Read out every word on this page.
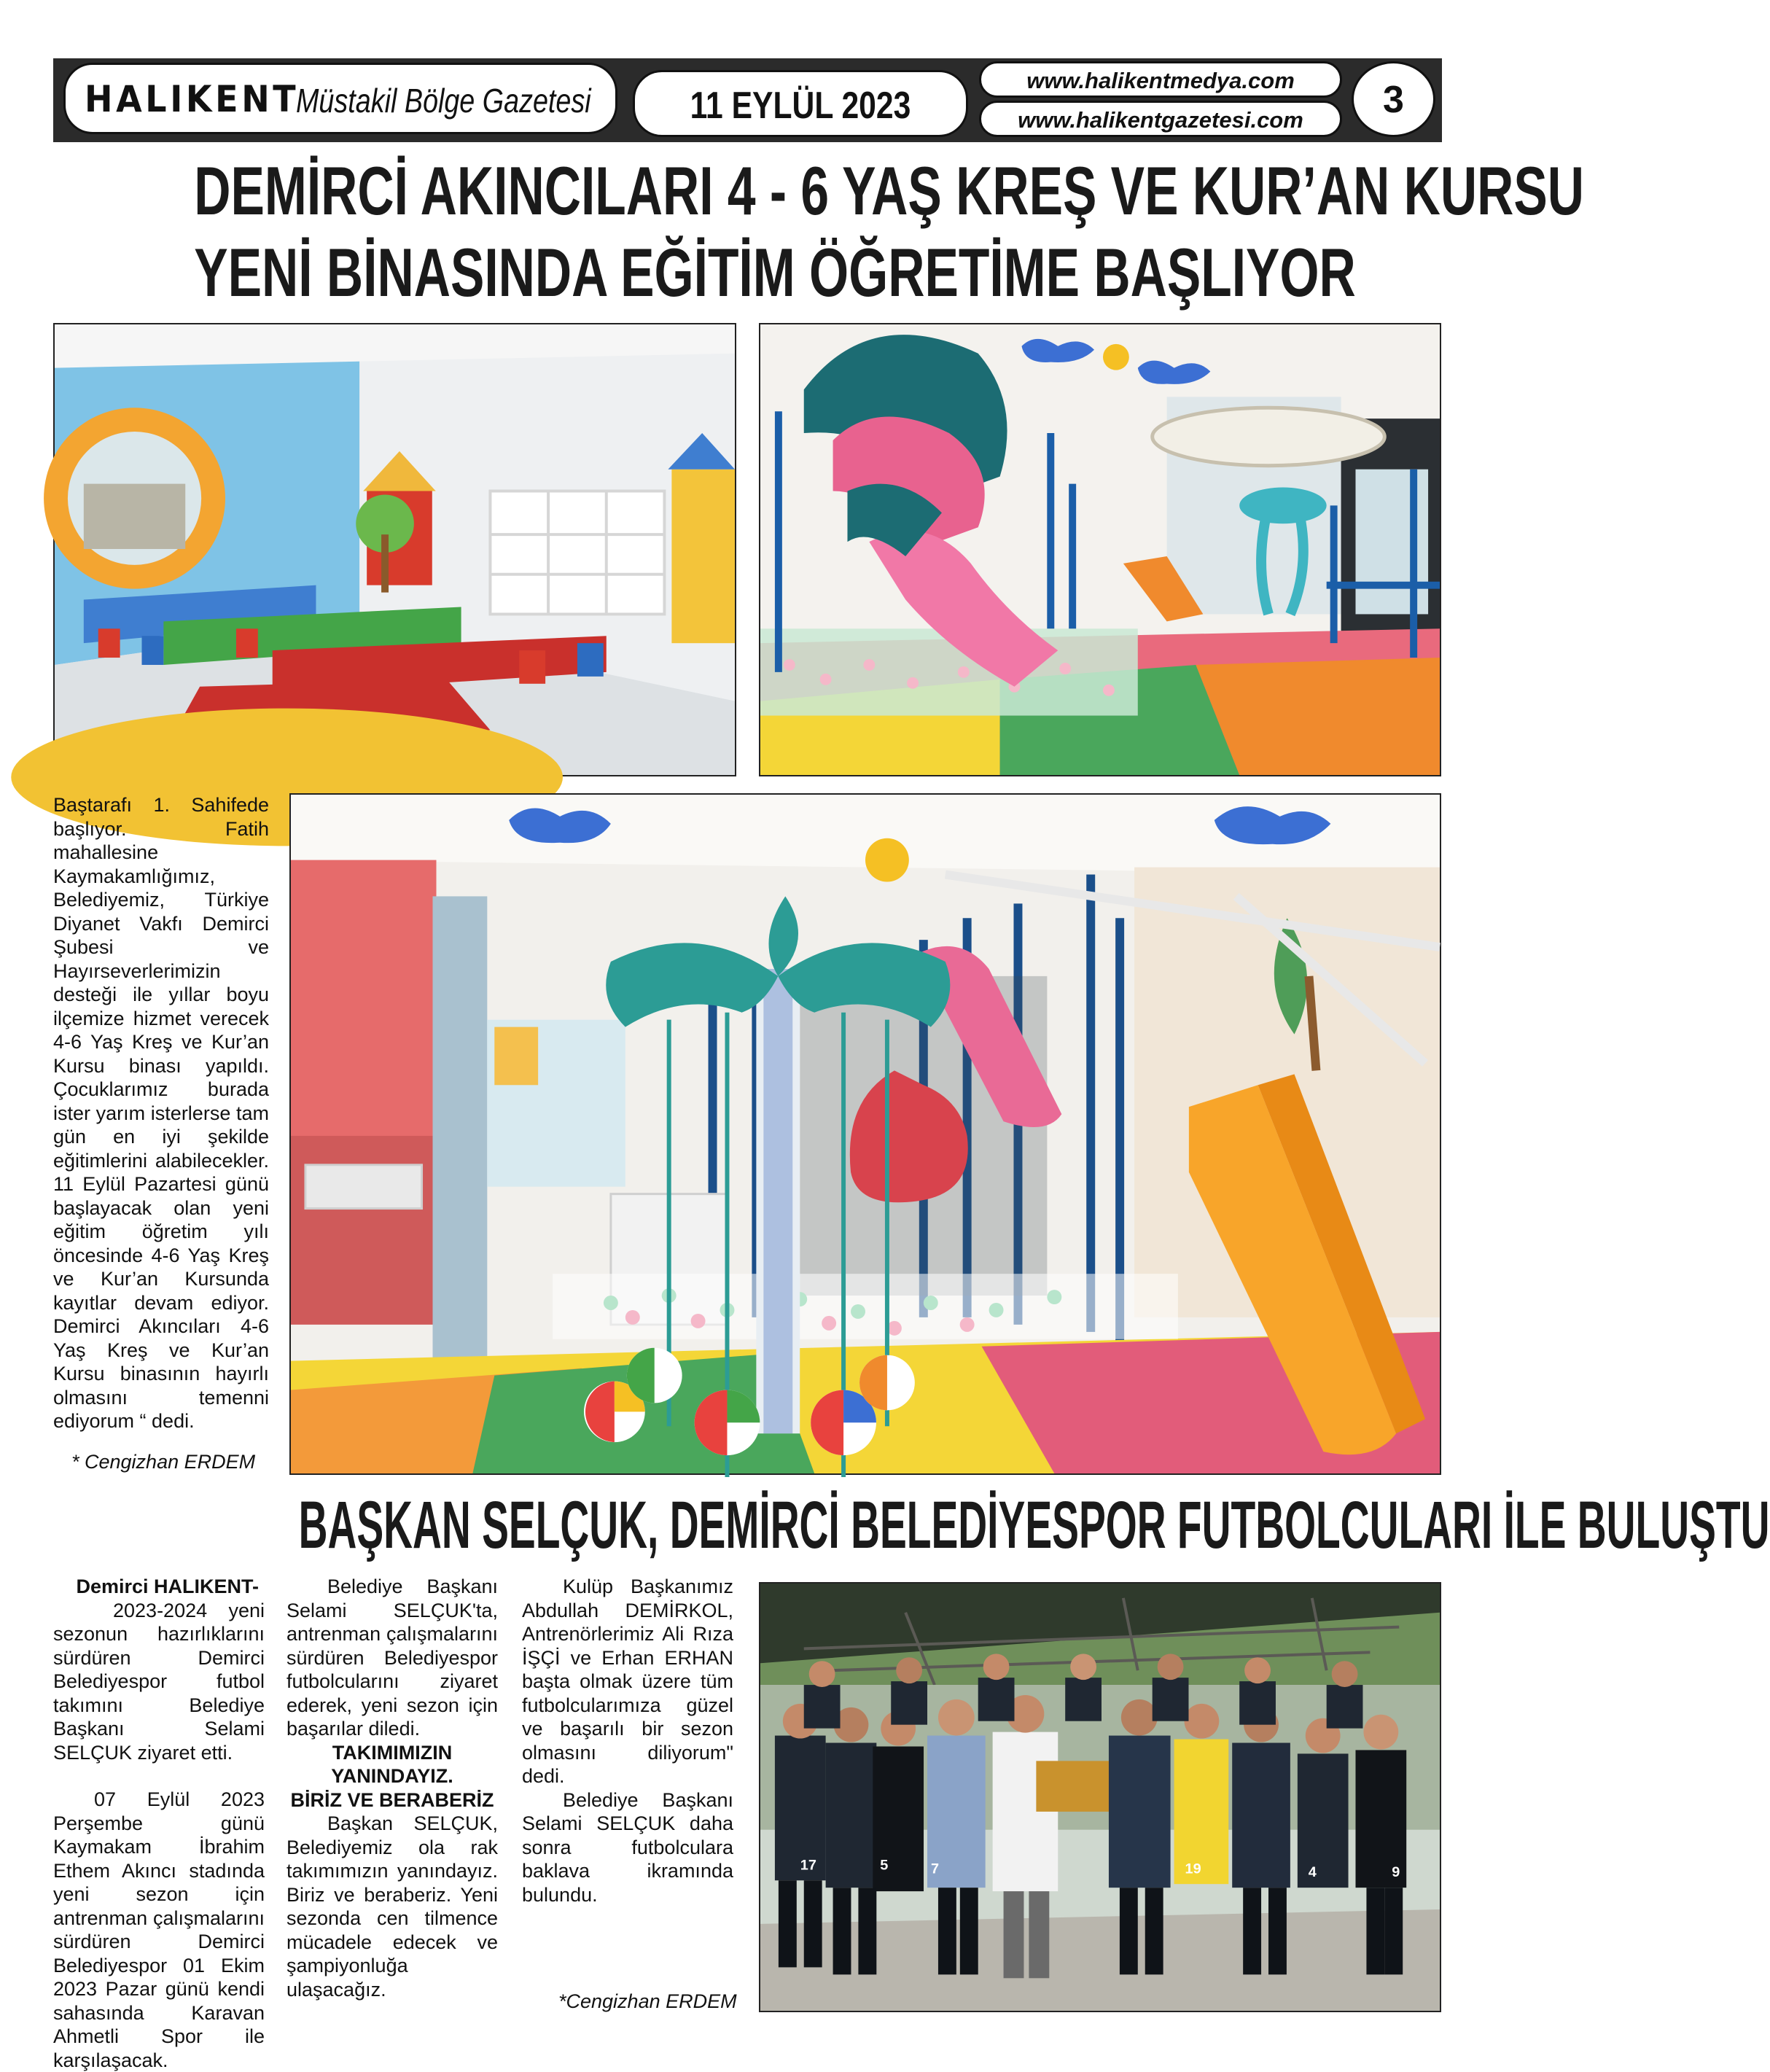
HALIKENT
Müstakil Bölge Gazetesi	11 EYLÜL 2023
www.halikentmedya.com
www.halikentgazetesi.com	3
DEMİRCİ AKINCILARI 4 - 6 YAŞ KREŞ VE KUR’AN KURSU
YENİ BİNASINDA EĞİTİM ÖĞRETİME BAŞLIYOR

Baştarafı 1. Sahifede başlıyor. Fatih mahallesine Kaymakamlığımız, Belediyemiz, Türkiye Diyanet Vakfı Demirci Şubesi ve Hayırseverlerimizin desteği ile yıllar boyu ilçemize hizmet verecek 4-6 Yaş Kreş ve Kur’an Kursu binası yapıldı. Çocuklarımız burada ister yarım isterlerse tam gün en iyi şekilde eğitimlerini alabilecekler. 11 Eylül Pazartesi günü başlayacak olan yeni eğitim öğretim yılı öncesinde 4-6 Yaş Kreş ve Kur’an Kursunda kayıtlar devam ediyor. Demirci Akıncıları 4-6 Yaş Kreş ve Kur’an Kursu binasının hayırlı olmasını temenni ediyorum “ dedi.

* Cengizhan ERDEM
BAŞKAN SELÇUK, DEMİRCİ BELEDİYESPOR FUTBOLCULARI İLE BULUŞTU

Demirci HALIKENT-

2023-2024 yeni sezonun hazırlıklarını sürdüren Demirci Belediyespor futbol takımını Belediye Başkanı Selami SELÇUK ziyaret etti.

07 Eylül 2023 Perşembe günü Kaymakam İbrahim Ethem Akıncı stadında yeni sezon için antrenman çalışmalarını sürdüren Demirci Belediyespor 01 Ekim 2023 Pazar günü kendi sahasında Karavan Ahmetli Spor ile karşılaşacak.

Belediye Başkanı Selami SELÇUK'ta, antrenman çalışmalarını sürdüren Belediyespor futbolcularını ziyaret ederek, yeni sezon için başarılar diledi.

TAKIMIMIZIN YANINDAYIZ.

BİRİZ VE BERABERİZ

Başkan SELÇUK, Belediyemiz ola rak takımımızın yanındayız. Biriz ve beraberiz. Yeni sezonda cen tilmence mücadele edecek ve şampiyonluğa ulaşacağız.

Kulüp Başkanımız Abdullah DEMİRKOL, Antrenörlerimiz Ali Rıza İŞÇİ ve Erhan ERHAN başta olmak üzere tüm futbolcularımıza güzel ve başarılı bir sezon olmasını diliyorum" dedi.

Belediye Başkanı Selami SELÇUK daha sonra futbolculara baklava ikramında bulundu.

*Cengizhan ERDEM
17	5	7	19	4	9
